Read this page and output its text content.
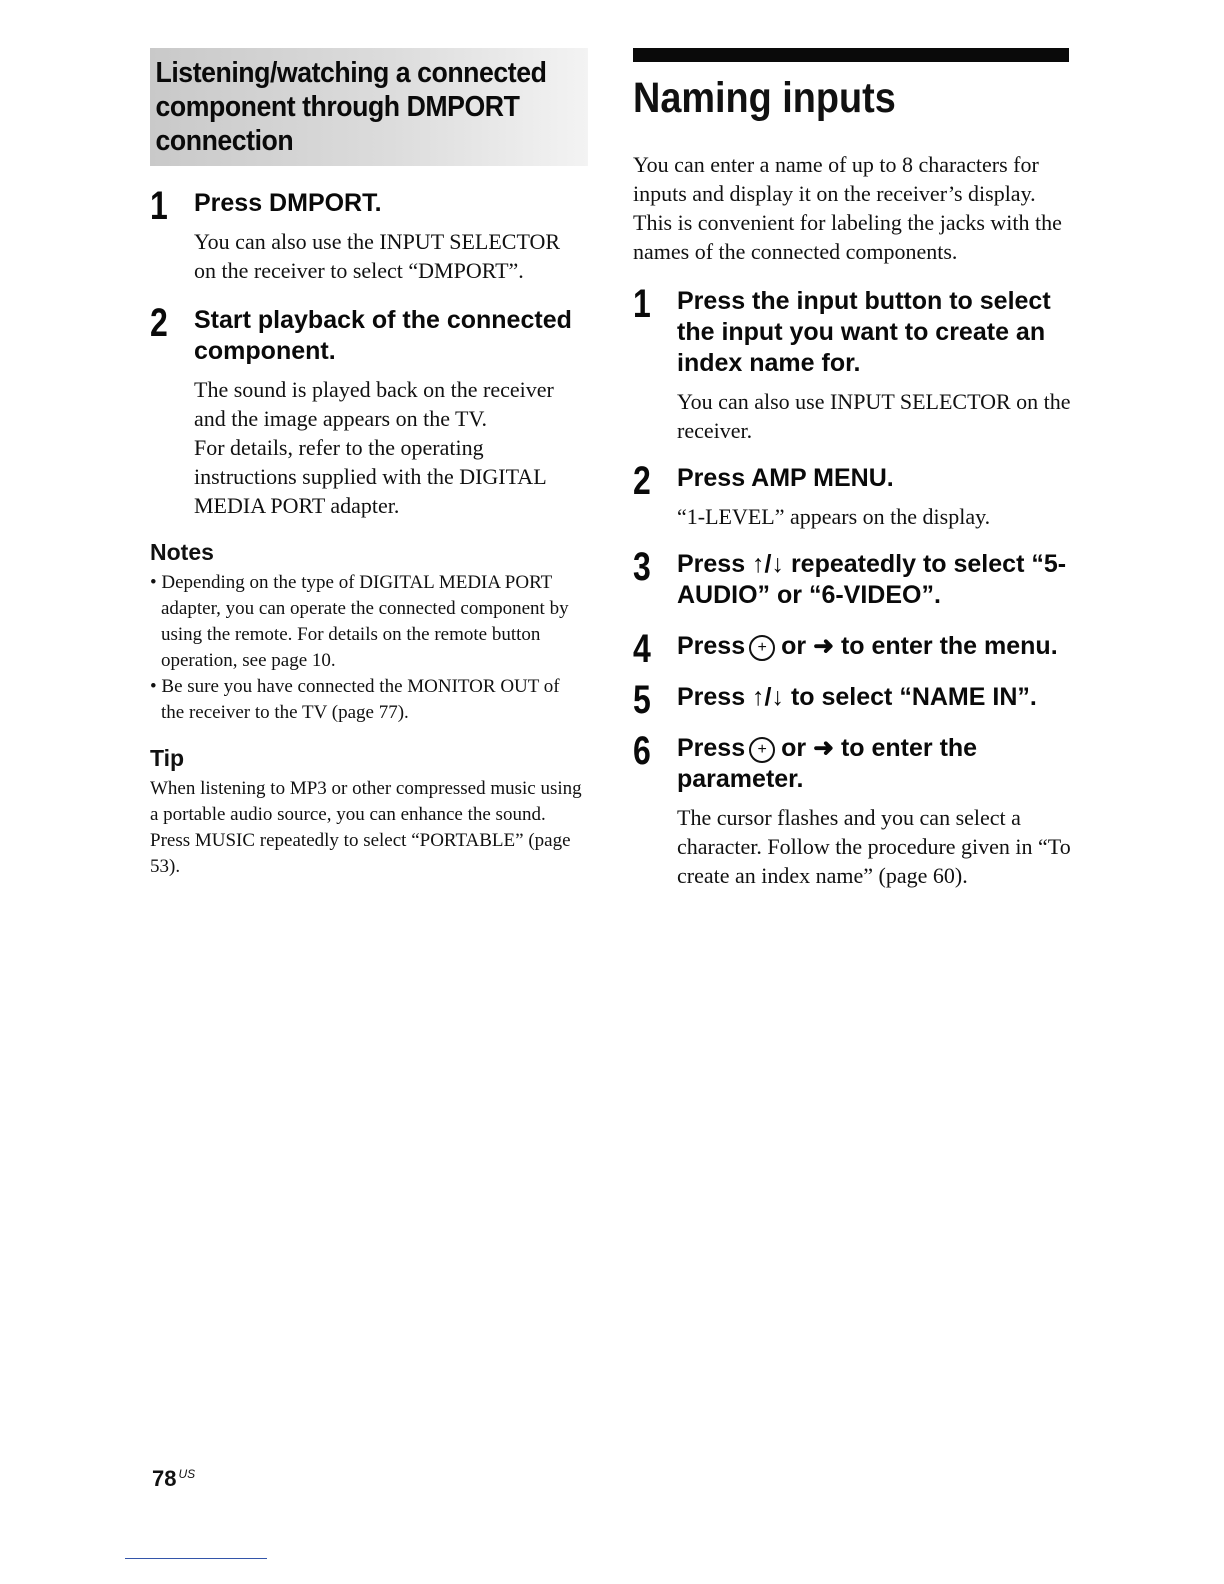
Listening/watching a connected component through DMPORT connection
1 Press DMPORT.
You can also use the INPUT SELECTOR on the receiver to select “DMPORT”.
2 Start playback of the connected component.
The sound is played back on the receiver and the image appears on the TV.
For details, refer to the operating instructions supplied with the DIGITAL MEDIA PORT adapter.
Notes
• Depending on the type of DIGITAL MEDIA PORT adapter, you can operate the connected component by using the remote. For details on the remote button operation, see page 10.
• Be sure you have connected the MONITOR OUT of the receiver to the TV (page 77).
Tip
When listening to MP3 or other compressed music using a portable audio source, you can enhance the sound. Press MUSIC repeatedly to select “PORTABLE” (page 53).
Naming inputs
You can enter a name of up to 8 characters for inputs and display it on the receiver’s display. This is convenient for labeling the jacks with the names of the connected components.
1 Press the input button to select the input you want to create an index name for.
You can also use INPUT SELECTOR on the receiver.
2 Press AMP MENU.
“1-LEVEL” appears on the display.
3 Press ↑/↓ repeatedly to select “5-AUDIO” or “6-VIDEO”.
4 Press + or ➜ to enter the menu.
5 Press ↑/↓ to select “NAME IN”.
6 Press + or ➜ to enter the parameter.
The cursor flashes and you can select a character. Follow the procedure given in “To create an index name” (page 60).
78 $^{US}$
